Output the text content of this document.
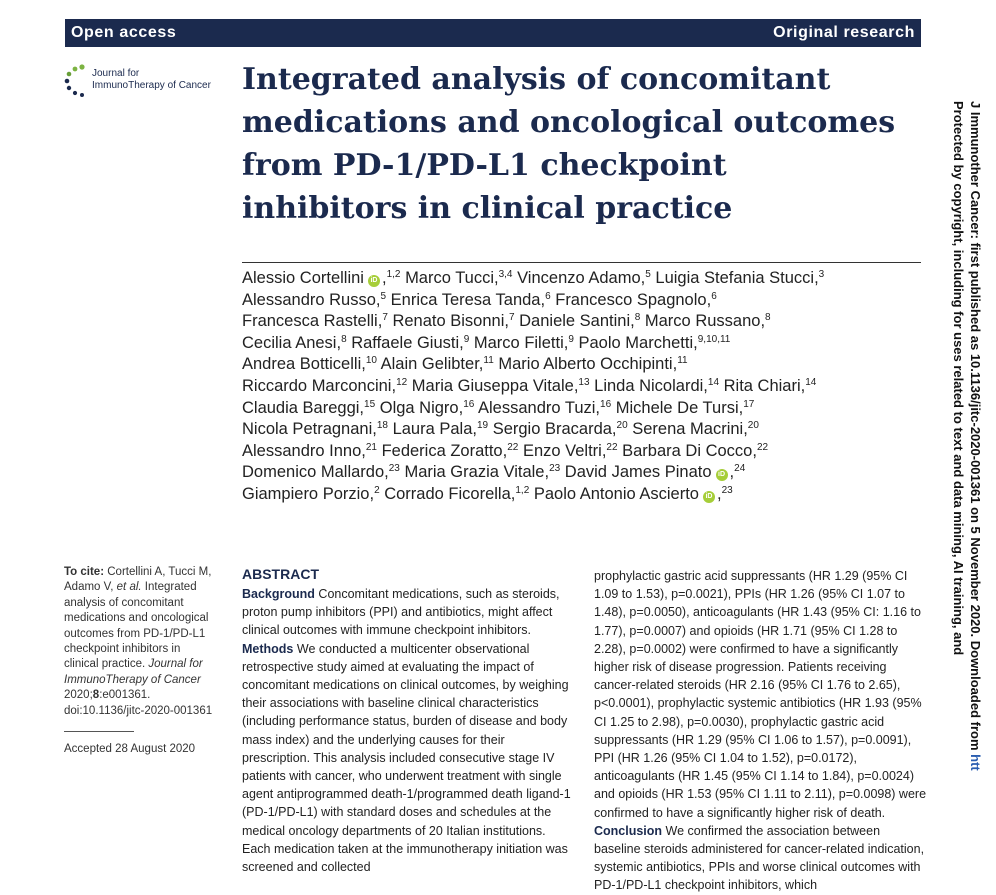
Open access	Original research
Journal for
ImmunoTherapy of Cancer Integrated analysis of concomitant medications and oncological outcomes from PD-1/PD-L1 checkpoint inhibitors in clinical practice
Alessio Cortellini iD ,$^{1,2}$ Marco Tucci,$^{3,4}$ Vincenzo Adamo,$^5$ Luigia Stefania Stucci,$^3$
Alessandro Russo,$^5$ Enrica Teresa Tanda,$^6$ Francesco Spagnolo,$^6$
Francesca Rastelli,$^7$ Renato Bisonni,$^7$ Daniele Santini,$^8$ Marco Russano,$^8$
Cecilia Anesi,$^8$ Raffaele Giusti,$^9$ Marco Filetti,$^9$ Paolo Marchetti,$^{9,10,11}$
Andrea Botticelli,$^{10}$ Alain Gelibter,$^{11}$ Mario Alberto Occhipinti,$^{11}$
Riccardo Marconcini,$^{12}$ Maria Giuseppa Vitale,$^{13}$ Linda Nicolardi,$^{14}$ Rita Chiari,$^{14}$
Claudia Bareggi,$^{15}$ Olga Nigro,$^{16}$ Alessandro Tuzi,$^{16}$ Michele De Tursi,$^{17}$
Nicola Petragnani,$^{18}$ Laura Pala,$^{19}$ Sergio Bracarda,$^{20}$ Serena Macrini,$^{20}$
Alessandro Inno,$^{21}$ Federica Zoratto,$^{22}$ Enzo Veltri,$^{22}$ Barbara Di Cocco,$^{22}$
Domenico Mallardo,$^{23}$ Maria Grazia Vitale,$^{23}$ David James Pinato iD ,$^{24}$
Giampiero Porzio,$^2$ Corrado Ficorella,$^{1,2}$ Paolo Antonio Ascierto iD ,$^{23}$
To cite: Cortellini A, Tucci M, Adamo V, et al. Integrated analysis of concomitant medications and oncological outcomes from PD-1/PD-L1 checkpoint inhibitors in clinical practice. Journal for ImmunoTherapy of Cancer 2020;8:e001361. doi:10.1136/jitc-2020-001361
Accepted 28 August 2020
ABSTRACT
Background Concomitant medications, such as steroids, proton pump inhibitors (PPI) and antibiotics, might affect clinical outcomes with immune checkpoint inhibitors.
Methods We conducted a multicenter observational retrospective study aimed at evaluating the impact of concomitant medications on clinical outcomes, by weighing their associations with baseline clinical characteristics (including performance status, burden of disease and body mass index) and the underlying causes for their prescription. This analysis included consecutive stage IV patients with cancer, who underwent treatment with single agent antiprogrammed death-1/programmed death ligand-1 (PD-1/PD-L1) with standard doses and schedules at the medical oncology departments of 20 Italian institutions. Each medication taken at the immunotherapy initiation was screened and collected
prophylactic gastric acid suppressants (HR 1.29 (95% CI 1.09 to 1.53), p=0.0021), PPIs (HR 1.26 (95% CI 1.07 to 1.48), p=0.0050), anticoagulants (HR 1.43 (95% CI: 1.16 to 1.77), p=0.0007) and opioids (HR 1.71 (95% CI 1.28 to 2.28), p=0.0002) were confirmed to have a significantly higher risk of disease progression. Patients receiving cancer-related steroids (HR 2.16 (95% CI 1.76 to 2.65), p<0.0001), prophylactic systemic antibiotics (HR 1.93 (95% CI 1.25 to 2.98), p=0.0030), prophylactic gastric acid suppressants (HR 1.29 (95% CI 1.06 to 1.57), p=0.0091), PPI (HR 1.26 (95% CI 1.04 to 1.52), p=0.0172), anticoagulants (HR 1.45 (95% CI 1.14 to 1.84), p=0.0024) and opioids (HR 1.53 (95% CI 1.11 to 2.11), p=0.0098) were confirmed to have a significantly higher risk of death.
Conclusion We confirmed the association between baseline steroids administered for cancer-related indication, systemic antibiotics, PPIs and worse clinical outcomes with PD-1/PD-L1 checkpoint inhibitors, which
J Immunother Cancer: first published as 10.1136/jitc-2020-001361 on 5 November 2020. Downloaded from htt
Protected by copyright, including for uses related to text and data mining, AI training, and
